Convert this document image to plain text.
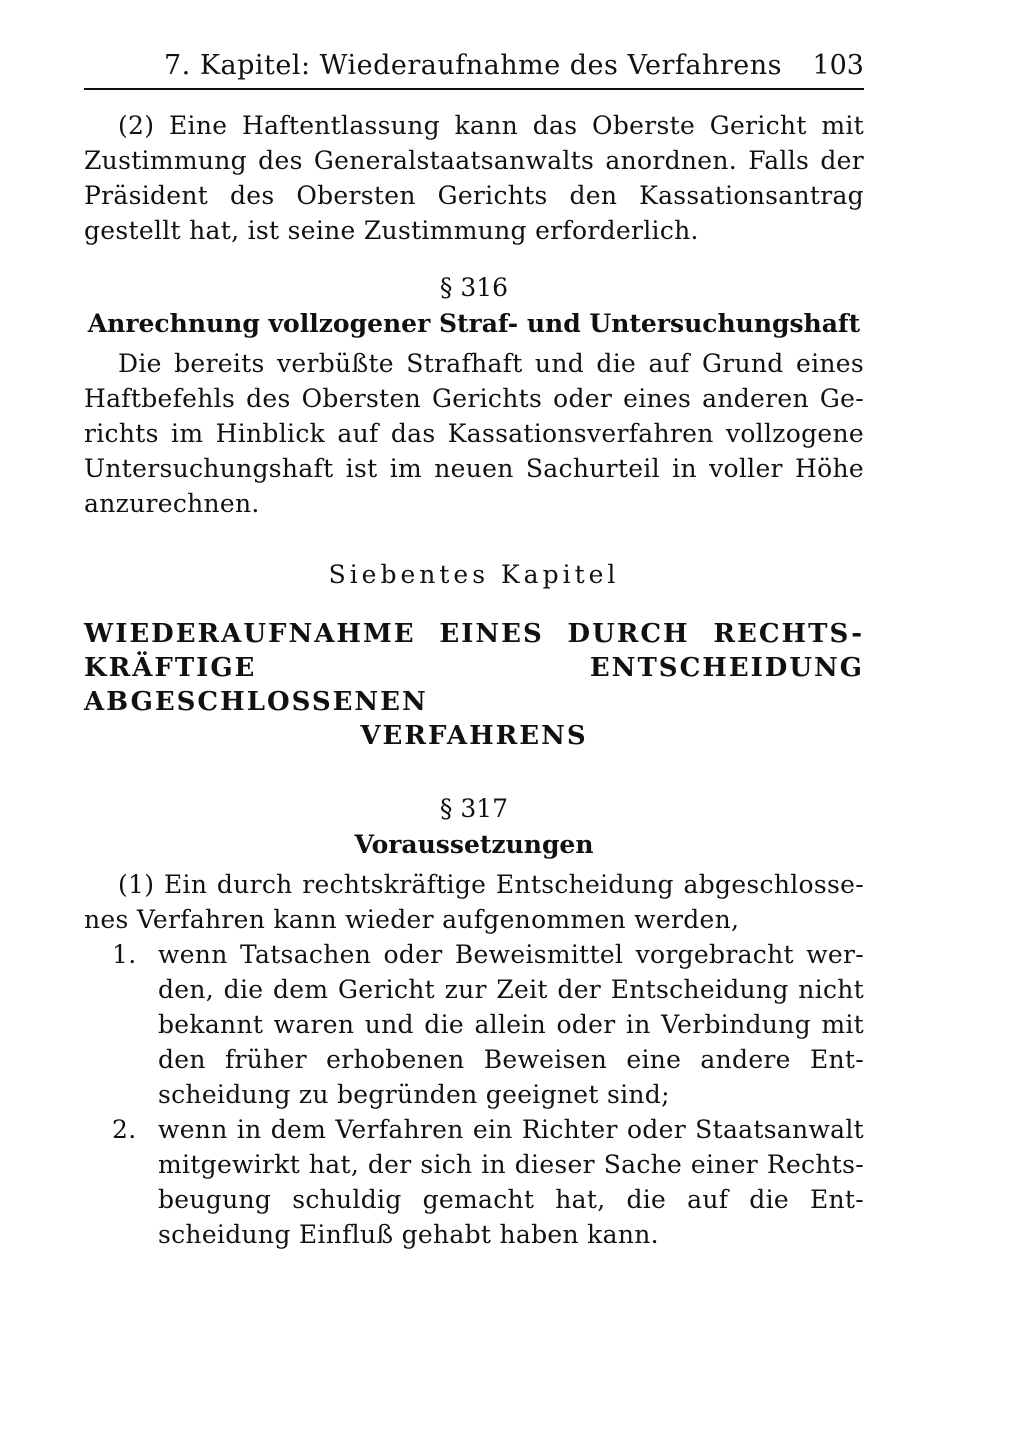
7. Kapitel: Wiederaufnahme des Verfahrens 103
(2) Eine Haftentlassung kann das Oberste Gericht mit
Zustimmung des Generalstaatsanwalts anordnen. Falls der
Präsident des Obersten Gerichts den Kassationsantrag
gestellt hat, ist seine Zustimmung erforderlich.
§ 316
Anrechnung vollzogener Straf- und Untersuchungshaft
Die bereits verbüßte Strafhaft und die auf Grund eines
Haftbefehls des Obersten Gerichts oder eines anderen Ge-
richts im Hinblick auf das Kassationsverfahren vollzogene
Untersuchungshaft ist im neuen Sachurteil in voller Höhe
anzurechnen.
Siebentes Kapitel
WIEDERAUFNAHME EINES DURCH RECHTS-
KRÄFTIGE ENTSCHEIDUNG ABGESCHLOSSENEN
VERFAHRENS
§ 317
Voraussetzungen
(1) Ein durch rechtskräftige Entscheidung abgeschlosse-
nes Verfahren kann wieder aufgenommen werden,
1. wenn Tatsachen oder Beweismittel vorgebracht wer-
den, die dem Gericht zur Zeit der Entscheidung nicht
bekannt waren und die allein oder in Verbindung mit
den früher erhobenen Beweisen eine andere Ent-
scheidung zu begründen geeignet sind;
2. wenn in dem Verfahren ein Richter oder Staatsanwalt
mitgewirkt hat, der sich in dieser Sache einer Rechts-
beugung schuldig gemacht hat, die auf die Ent-
scheidung Einfluß gehabt haben kann.
